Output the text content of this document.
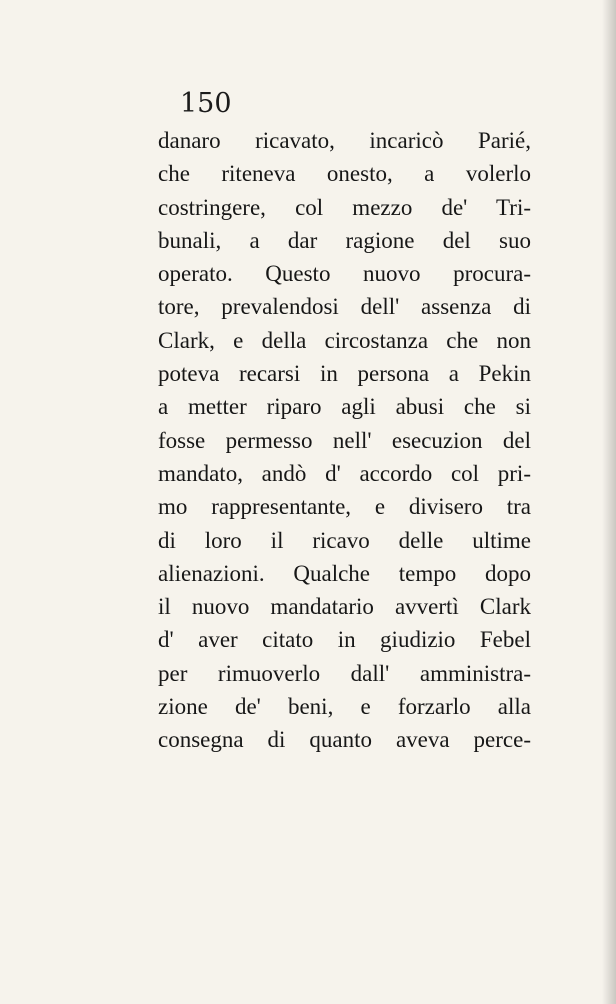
150
danaro ricavato, incaricò Parié,
che riteneva onesto, a volerlo
costringere, col mezzo de' Tri-
bunali, a dar ragione del suo
operato. Questo nuovo procura-
tore, prevalendosi dell' assenza di
Clark, e della circostanza che non
poteva recarsi in persona a Pekin
a metter riparo agli abusi che si
fosse permesso nell' esecuzion del
mandato, andò d' accordo col pri-
mo rappresentante, e divisero tra
di loro il ricavo delle ultime
alienazioni. Qualche tempo dopo
il nuovo mandatario avvertì Clark
d' aver citato in giudizio Febel
per rimuoverlo dall' amministra-
zione de' beni, e forzarlo alla
consegna di quanto aveva perce-
